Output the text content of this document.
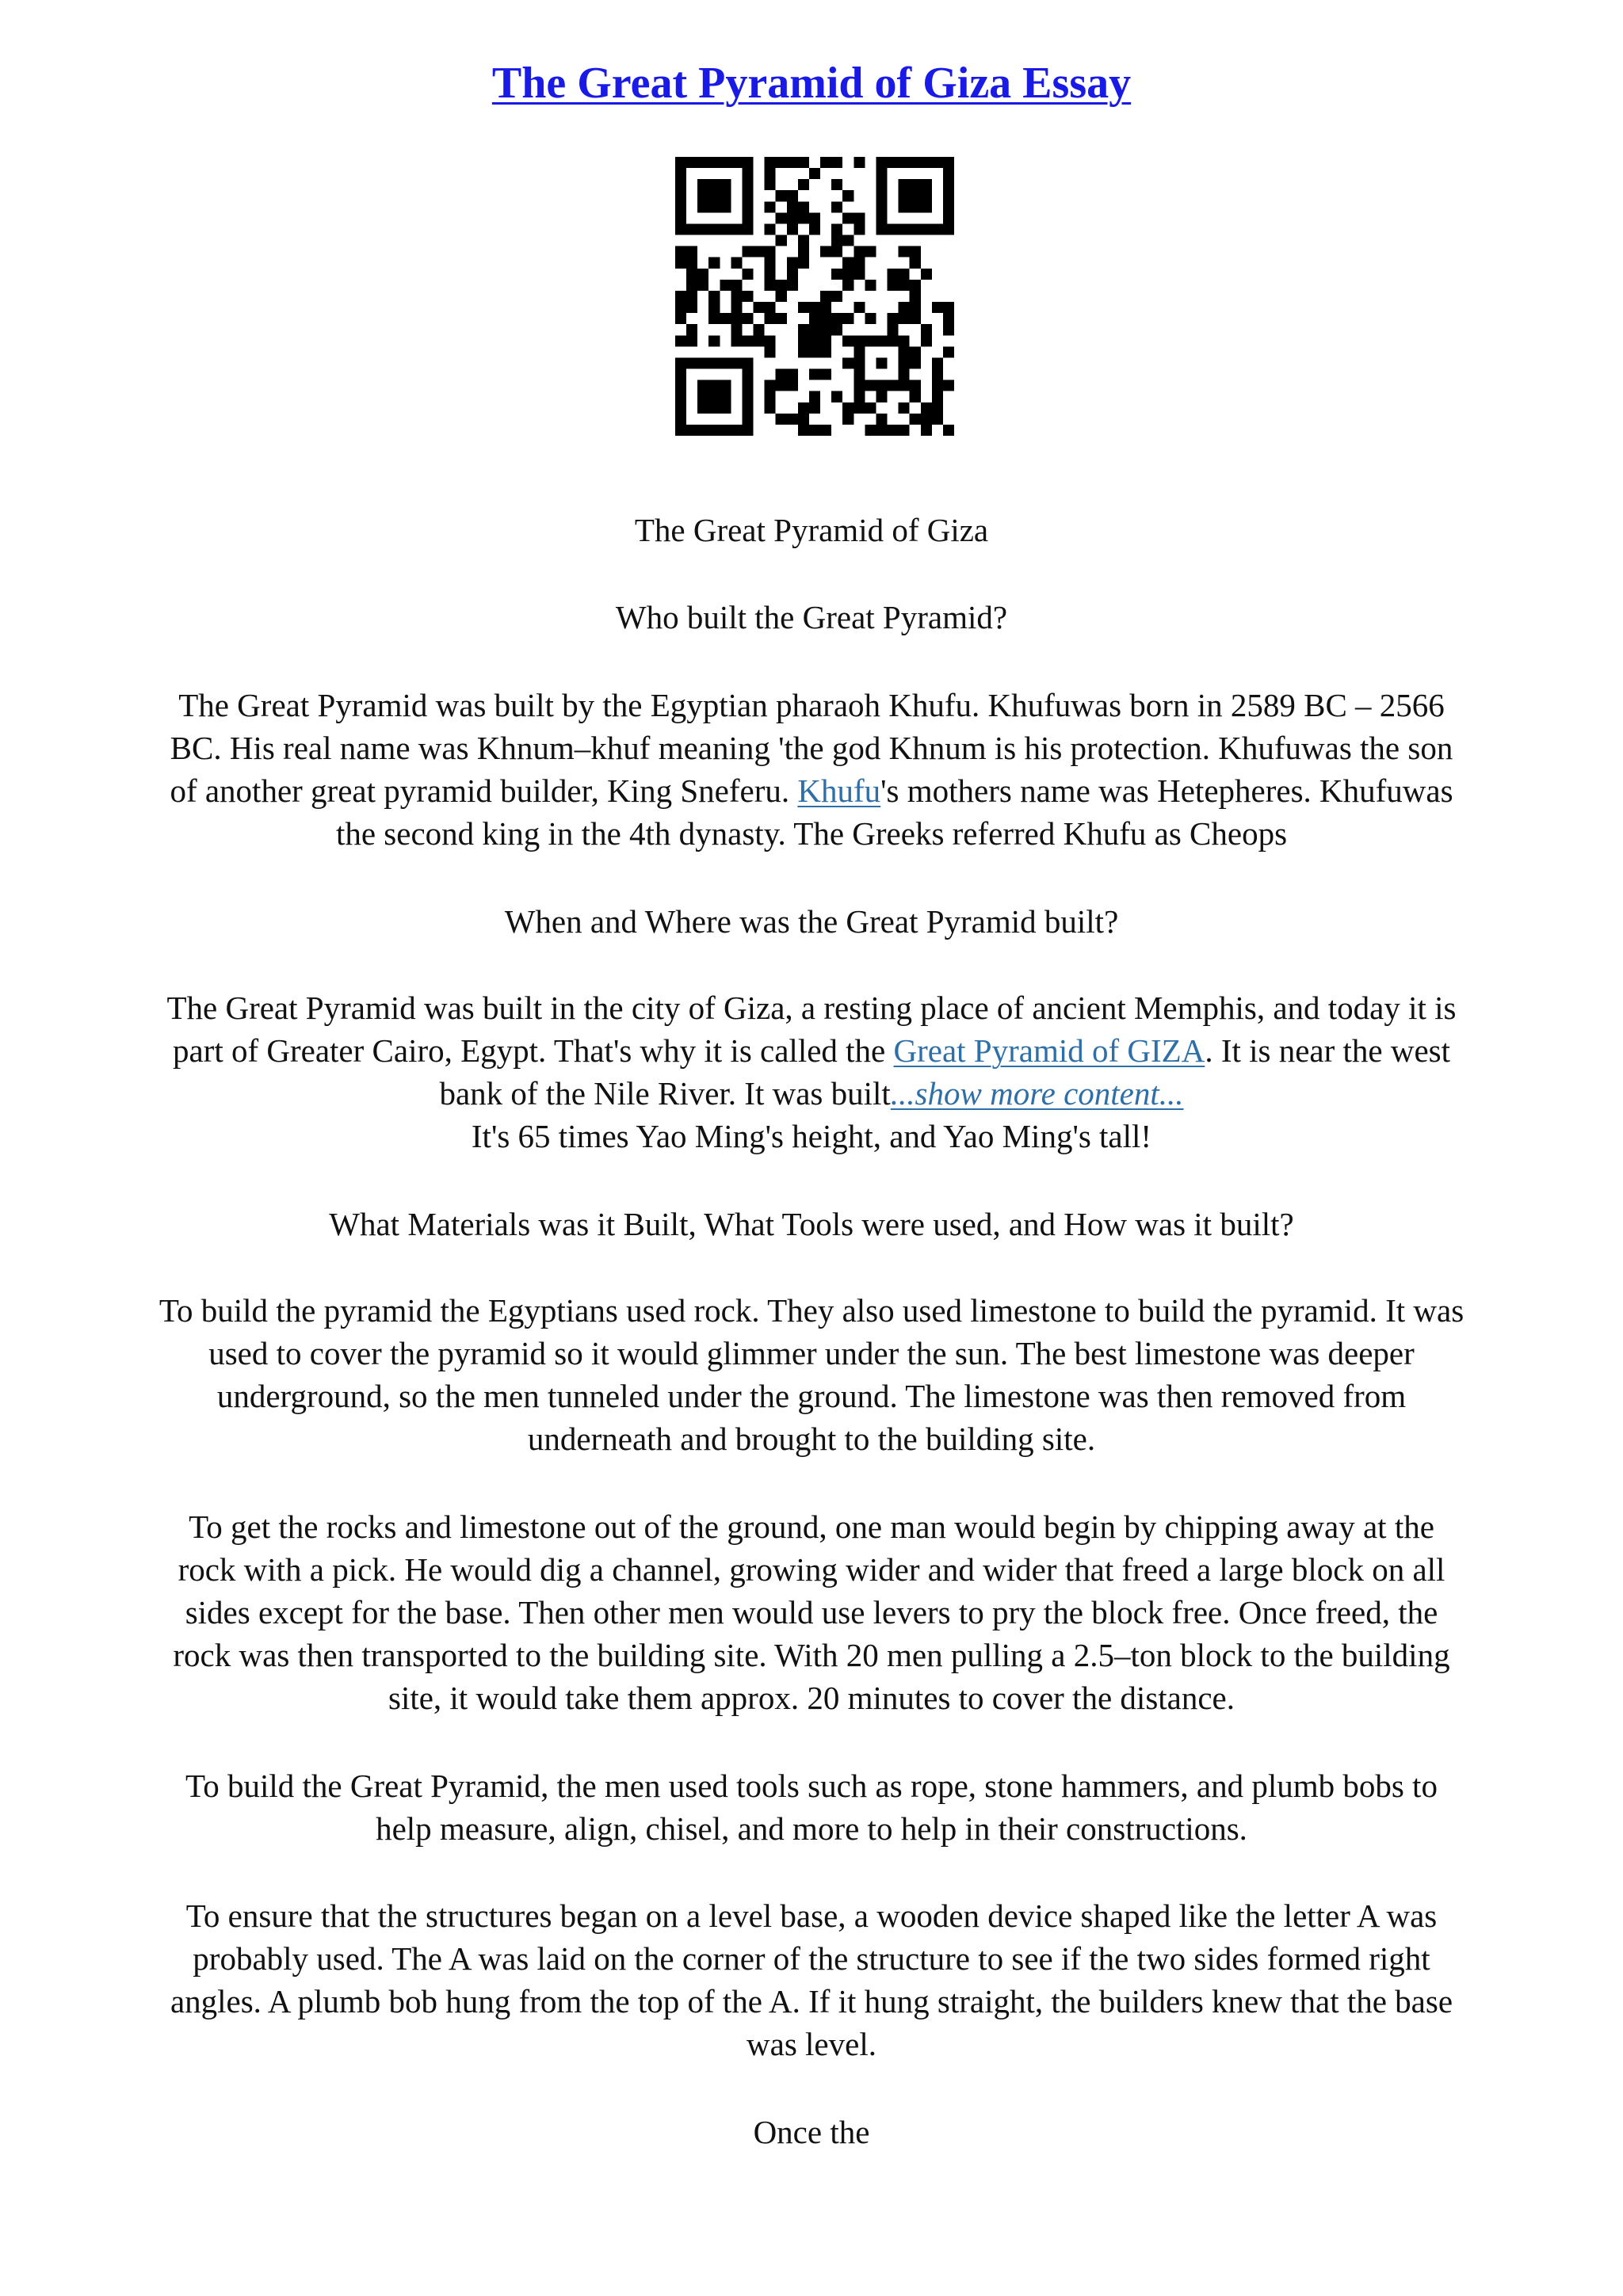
The Great Pyramid of Giza Essay
The Great Pyramid of Giza
Who built the Great Pyramid?
The Great Pyramid was built by the Egyptian pharaoh Khufu. Khufuwas born in 2589 BC – 2566
BC. His real name was Khnum–khuf meaning 'the god Khnum is his protection. Khufuwas the son
of another great pyramid builder, King Sneferu. Khufu's mothers name was Hetepheres. Khufuwas
the second king in the 4th dynasty. The Greeks referred Khufu as Cheops
When and Where was the Great Pyramid built?
The Great Pyramid was built in the city of Giza, a resting place of ancient Memphis, and today it is
part of Greater Cairo, Egypt. That's why it is called the Great Pyramid of GIZA. It is near the west
bank of the Nile River. It was built...show more content...
It's 65 times Yao Ming's height, and Yao Ming's tall!
What Materials was it Built, What Tools were used, and How was it built?
To build the pyramid the Egyptians used rock. They also used limestone to build the pyramid. It was
used to cover the pyramid so it would glimmer under the sun. The best limestone was deeper
underground, so the men tunneled under the ground. The limestone was then removed from
underneath and brought to the building site.
To get the rocks and limestone out of the ground, one man would begin by chipping away at the
rock with a pick. He would dig a channel, growing wider and wider that freed a large block on all
sides except for the base. Then other men would use levers to pry the block free. Once freed, the
rock was then transported to the building site. With 20 men pulling a 2.5–ton block to the building
site, it would take them approx. 20 minutes to cover the distance.
To build the Great Pyramid, the men used tools such as rope, stone hammers, and plumb bobs to
help measure, align, chisel, and more to help in their constructions.
To ensure that the structures began on a level base, a wooden device shaped like the letter A was
probably used. The A was laid on the corner of the structure to see if the two sides formed right
angles. A plumb bob hung from the top of the A. If it hung straight, the builders knew that the base
was level.
Once the
